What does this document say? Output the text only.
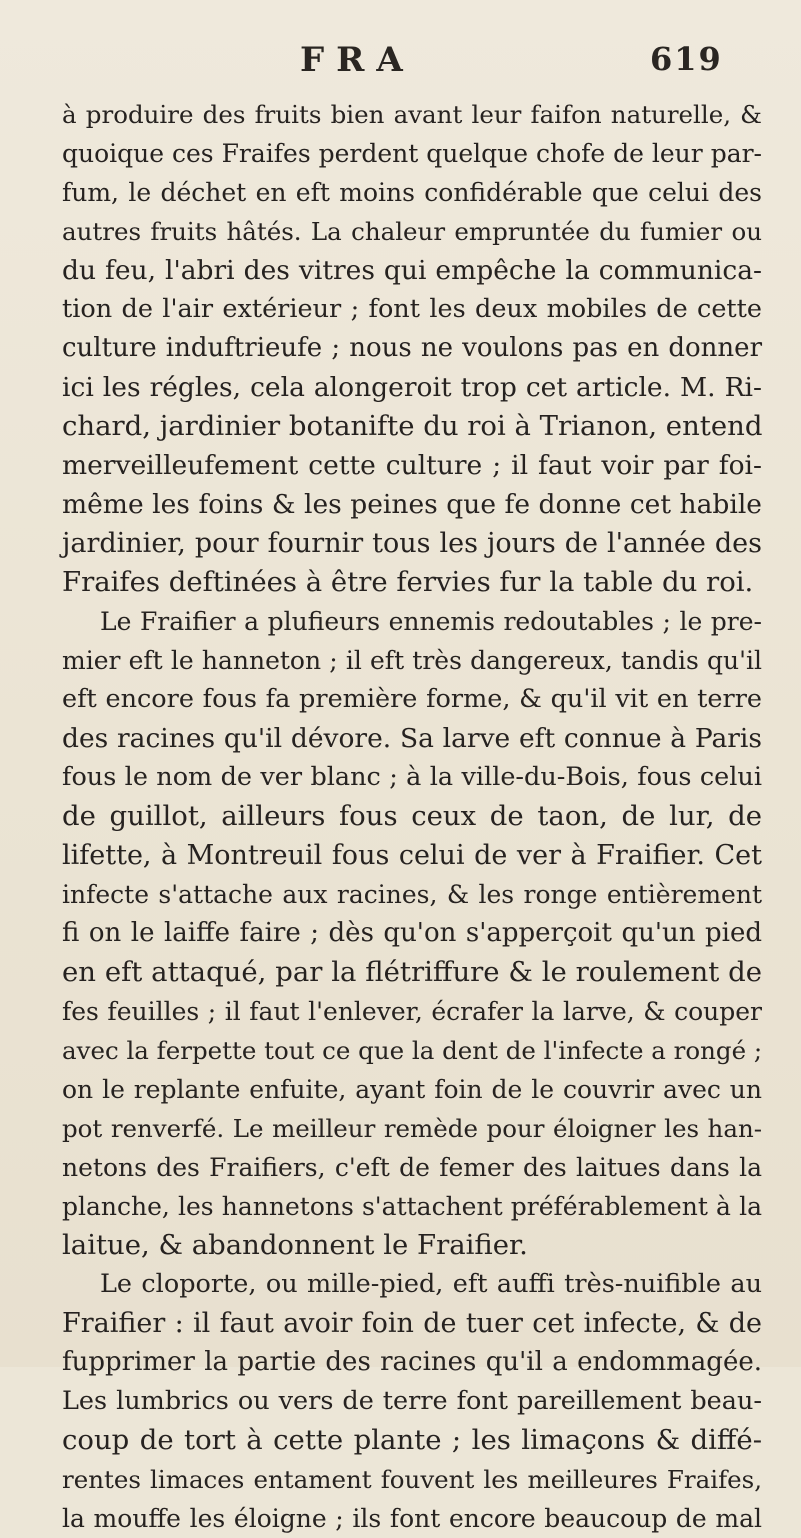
FRA	619
à produire des fruits bien avant leur faifon naturelle, &
quoique ces Fraifes perdent quelque chofe de leur par-
fum, le déchet en eft moins confidérable que celui des
autres fruits hâtés. La chaleur empruntée du fumier ou
du feu, l'abri des vitres qui empêche la communica-
tion de l'air extérieur ; font les deux mobiles de cette
culture induftrieufe ; nous ne voulons pas en donner
ici les régles, cela alongeroit trop cet article. M. Ri-
chard, jardinier botanifte du roi à Trianon, entend
merveilleufement cette culture ; il faut voir par foi-
même les foins & les peines que fe donne cet habile
jardinier, pour fournir tous les jours de l'année des
Fraifes deftinées à être fervies fur la table du roi.
Le Fraifier a plufieurs ennemis redoutables ; le pre-
mier eft le hanneton ; il eft très dangereux, tandis qu'il
eft encore fous fa première forme, & qu'il vit en terre
des racines qu'il dévore. Sa larve eft connue à Paris
fous le nom de ver blanc ; à la ville-du-Bois, fous celui
de guillot, ailleurs fous ceux de taon, de lur, de
lifette, à Montreuil fous celui de ver à Fraifier. Cet
infecte s'attache aux racines, & les ronge entièrement
fi on le laiffe faire ; dès qu'on s'apperçoit qu'un pied
en eft attaqué, par la flétriffure & le roulement de
fes feuilles ; il faut l'enlever, écrafer la larve, & couper
avec la ferpette tout ce que la dent de l'infecte a rongé ;
on le replante enfuite, ayant foin de le couvrir avec un
pot renverfé. Le meilleur remède pour éloigner les han-
netons des Fraifiers, c'eft de femer des laitues dans la
planche, les hannetons s'attachent préférablement à la
laitue, & abandonnent le Fraifier.
Le cloporte, ou mille-pied, eft auffi très-nuifible au
Fraifier : il faut avoir foin de tuer cet infecte, & de
fupprimer la partie des racines qu'il a endommagée.
Les lumbrics ou vers de terre font pareillement beau-
coup de tort à cette plante ; les limaçons & diffé-
rentes limaces entament fouvent les meilleures Fraifes,
la mouffe les éloigne ; ils font encore beaucoup de mal
